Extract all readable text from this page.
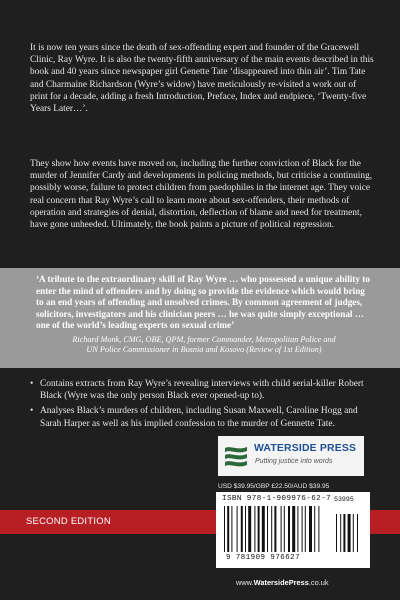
It is now ten years since the death of sex-offending expert and founder of the Gracewell Clinic, Ray Wyre. It is also the twenty-fifth anniversary of the main events described in this book and 40 years since newspaper girl Genette Tate ‘disappeared into thin air’. Tim Tate and Charmaine Richardson (Wyre’s widow) have meticulously re-visited a work out of print for a decade, adding a fresh Introduction, Preface, Index and endpiece, ‘Twenty-five Years Later…’.

They show how events have moved on, including the further conviction of Black for the murder of Jennifer Cardy and developments in policing methods, but criticise a continuing, possibly worse, failure to protect children from paedophiles in the internet age. They voice real concern that Ray Wyre’s call to learn more about sex-offenders, their methods of operation and strategies of denial, distortion, deflection of blame and need for treatment, have gone unheeded. Ultimately, the book paints a picture of political regression.

‘A tribute to the extraordinary skill of Ray Wyre … who possessed a unique ability to enter the mind of offenders and by doing so provide the evidence which would bring to an end years of offending and unsolved crimes. By common agreement of judges, solicitors, investigators and his clinician peers … he was quite simply exceptional … one of the world’s leading experts on sexual crime’

Richard Monk, CMG, OBE, QPM, former Commander, Metropolitan Police and
UN Police Commissioner in Bosnia and Kosovo (Review of 1st Edition)

• Contains extracts from Ray Wyre’s revealing interviews with child serial-killer Robert Black (Wyre was the only person Black ever opened-up to).
• Analyses Black’s murders of children, including Susan Maxwell, Caroline Hogg and Sarah Harper as well as his implied confession to the murder of Gennette Tate.
WATERSIDE PRESS
Putting justice into words
USD $39.95/GBP £22.50/AUD $39.95
SECOND EDITION
ISBN 978-1-909976-62-7 53995
9 781909 976627
www.WatersidePress.co.uk
